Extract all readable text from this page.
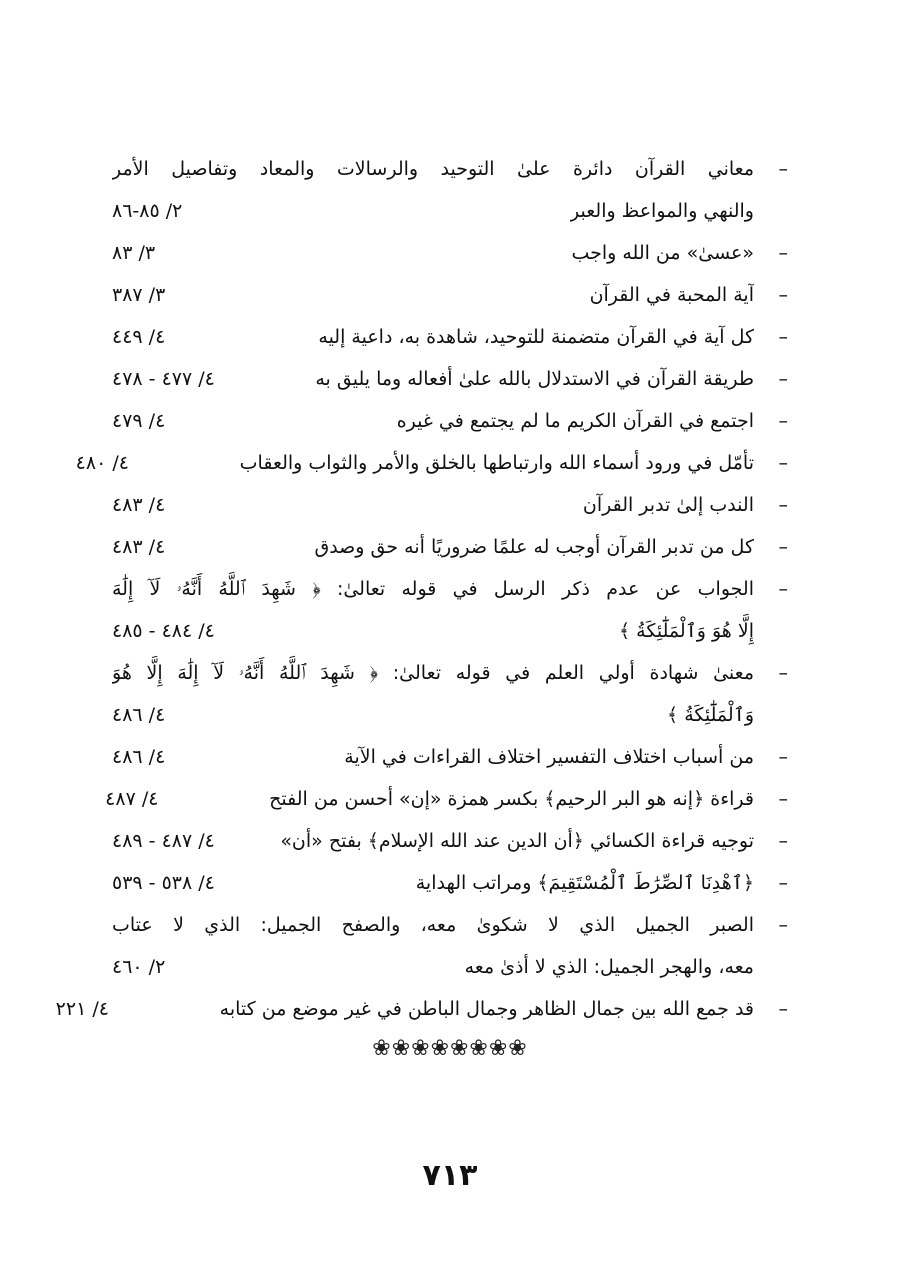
–
معاني القرآن دائرة علىٰ التوحيد والرسالات والمعاد وتفاصيل الأمر
والنهي والمواعظ والعبر
٢/ ٨٥-٨٦
–
«عسىٰ» من الله واجب
٣/ ٨٣
–
آية المحبة في القرآن
٣/ ٣٨٧
–
كل آية في القرآن متضمنة للتوحيد، شاهدة به، داعية إليه
٤/ ٤٤٩
–
طريقة القرآن في الاستدلال بالله علىٰ أفعاله وما يليق به
٤/ ٤٧٧ - ٤٧٨
–
اجتمع في القرآن الكريم ما لم يجتمع في غيره
٤/ ٤٧٩
–
تأمّل في ورود أسماء الله وارتباطها بالخلق والأمر والثواب والعقاب
٤/ ٤٨٠
–
الندب إلىٰ تدبر القرآن
٤/ ٤٨٣
–
كل من تدبر القرآن أوجب له علمًا ضروريًا أنه حق وصدق
٤/ ٤٨٣
–
الجواب عن عدم ذكر الرسل في قوله تعالىٰ: ﴿ شَهِدَ ٱللَّهُ أَنَّهُۥ لَآ إِلَٰهَ
إِلَّا هُوَ وَٱلْمَلَٰٓئِكَةُ ﴾
٤/ ٤٨٤ - ٤٨٥
–
معنىٰ شهادة أولي العلم في قوله تعالىٰ: ﴿ شَهِدَ ٱللَّهُ أَنَّهُۥ لَآ إِلَٰهَ إِلَّا هُوَ
وَٱلْمَلَٰٓئِكَةُ ﴾
٤/ ٤٨٦
–
من أسباب اختلاف التفسير اختلاف القراءات في الآية
٤/ ٤٨٦
–
قراءة ﴿إنه هو البر الرحيم﴾ بكسر همزة «إن» أحسن من الفتح
٤/ ٤٨٧
–
توجيه قراءة الكسائي ﴿أن الدين عند الله الإسلام﴾ بفتح «أن»
٤/ ٤٨٧ - ٤٨٩
–
﴿ٱهْدِنَا ٱلصِّرَٰطَ ٱلْمُسْتَقِيمَ﴾ ومراتب الهداية
٤/ ٥٣٨ - ٥٣٩
–
الصبر الجميل الذي لا شكوىٰ معه، والصفح الجميل: الذي لا عتاب
معه، والهجر الجميل: الذي لا أذىٰ معه
٢/ ٤٦٠
–
قد جمع الله بين جمال الظاهر وجمال الباطن في غير موضع من كتابه
٤/ ٢٢١
❀❀❀❀❀❀❀❀
٧١٣
